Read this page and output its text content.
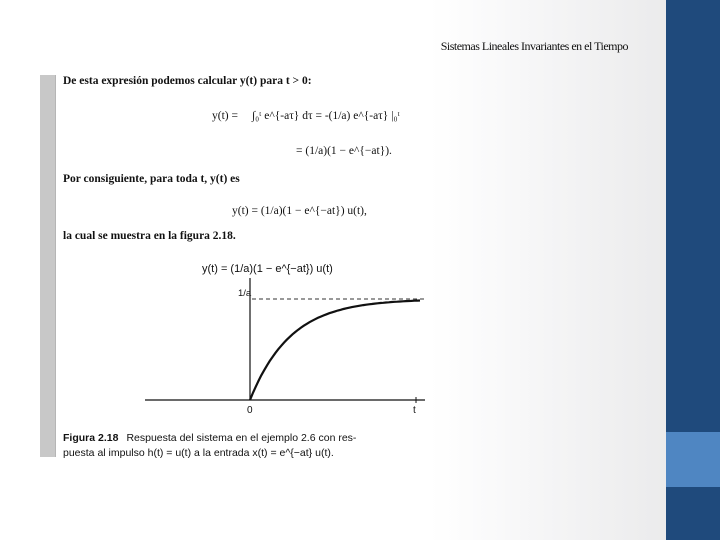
Sistemas Lineales Invariantes en el Tiempo
De esta expresión podemos calcular y(t) para t > 0:
y(t) = ∫₀ᵗ e^{-aτ} dτ = -(1/a) e^{-aτ} |₀ᵗ
= (1/a)(1 − e^{−at}).
Por consiguiente, para toda t, y(t) es
y(t) = (1/a)(1 − e^{−at}) u(t),
la cual se muestra en la figura 2.18.
y(t) = (1/a)(1 − e^{−at}) u(t)
1/a
0	t
Figura 2.18 Respuesta del sistema en el ejemplo 2.6 con res-
puesta al impulso h(t) = u(t) a la entrada x(t) = e^{−at} u(t).
